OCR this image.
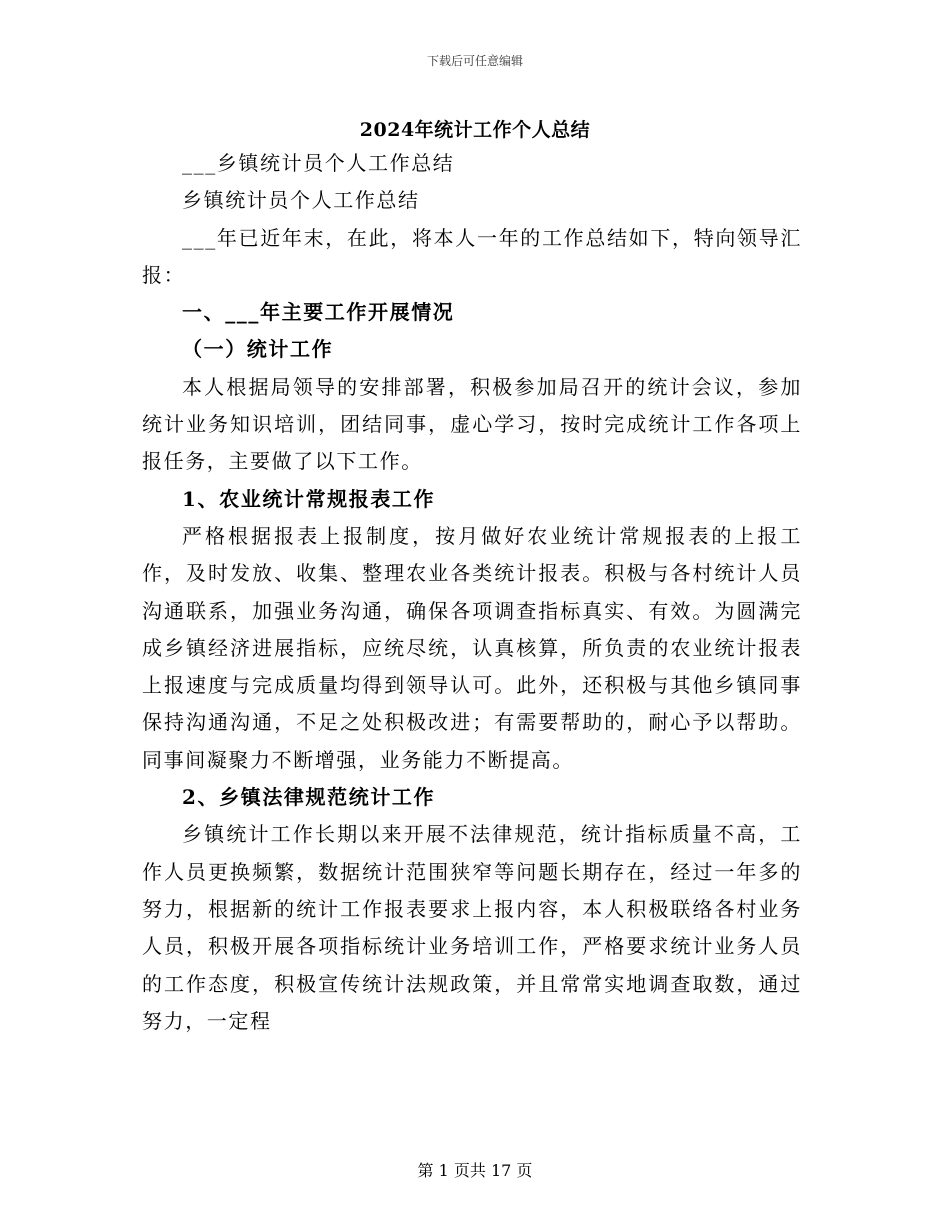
下载后可任意编辑
2024年统计工作个人总结

___乡镇统计员个人工作总结

乡镇统计员个人工作总结

___年已近年末，在此，将本人一年的工作总结如下，特向领导汇报：

一、___年主要工作开展情况

（一）统计工作

本人根据局领导的安排部署，积极参加局召开的统计会议，参加统计业务知识培训，团结同事，虚心学习，按时完成统计工作各项上报任务，主要做了以下工作。

1、农业统计常规报表工作

严格根据报表上报制度，按月做好农业统计常规报表的上报工作，及时发放、收集、整理农业各类统计报表。积极与各村统计人员沟通联系，加强业务沟通，确保各项调查指标真实、有效。为圆满完成乡镇经济进展指标，应统尽统，认真核算，所负责的农业统计报表上报速度与完成质量均得到领导认可。此外，还积极与其他乡镇同事保持沟通沟通，不足之处积极改进；有需要帮助的，耐心予以帮助。同事间凝聚力不断增强，业务能力不断提高。

2、乡镇法律规范统计工作

乡镇统计工作长期以来开展不法律规范，统计指标质量不高，工作人员更换频繁，数据统计范围狭窄等问题长期存在，经过一年多的努力，根据新的统计工作报表要求上报内容，本人积极联络各村业务人员，积极开展各项指标统计业务培训工作，严格要求统计业务人员的工作态度，积极宣传统计法规政策，并且常常实地调查取数，通过努力，一定程

第 1 页共 17 页
